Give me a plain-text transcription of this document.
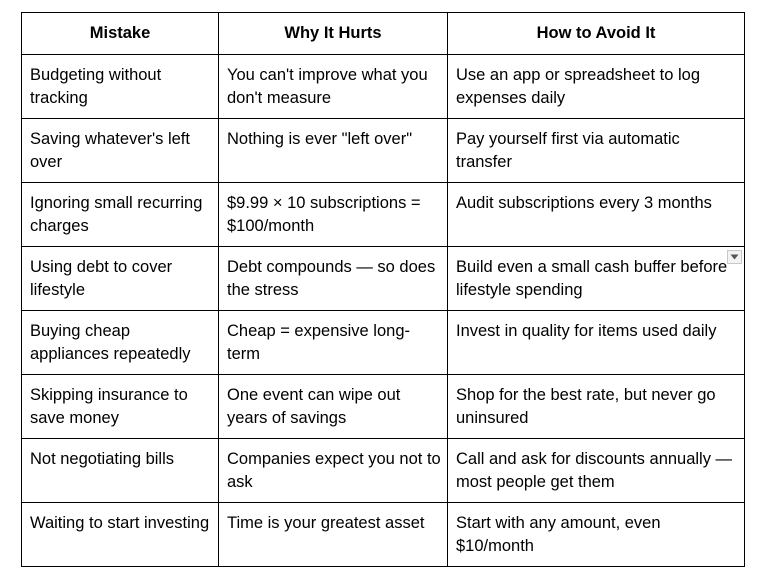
Mistake	Why It Hurts	How to Avoid It
Budgeting without tracking	You can't improve what you don't measure	Use an app or spreadsheet to log expenses daily
Saving whatever's left over	Nothing is ever "left over"	Pay yourself first via automatic transfer
Ignoring small recurring charges	$9.99 × 10 subscriptions = $100/month	Audit subscriptions every 3 months
Using debt to cover lifestyle	Debt compounds — so does the stress	Build even a small cash buffer before lifestyle spending

Buying cheap appliances repeatedly	Cheap = expensive long-term	Invest in quality for items used daily
Skipping insurance to save money	One event can wipe out years of savings	Shop for the best rate, but never go uninsured
Not negotiating bills	Companies expect you not to ask	Call and ask for discounts annually — most people get them
Waiting to start investing	Time is your greatest asset	Start with any amount, even $10/month
